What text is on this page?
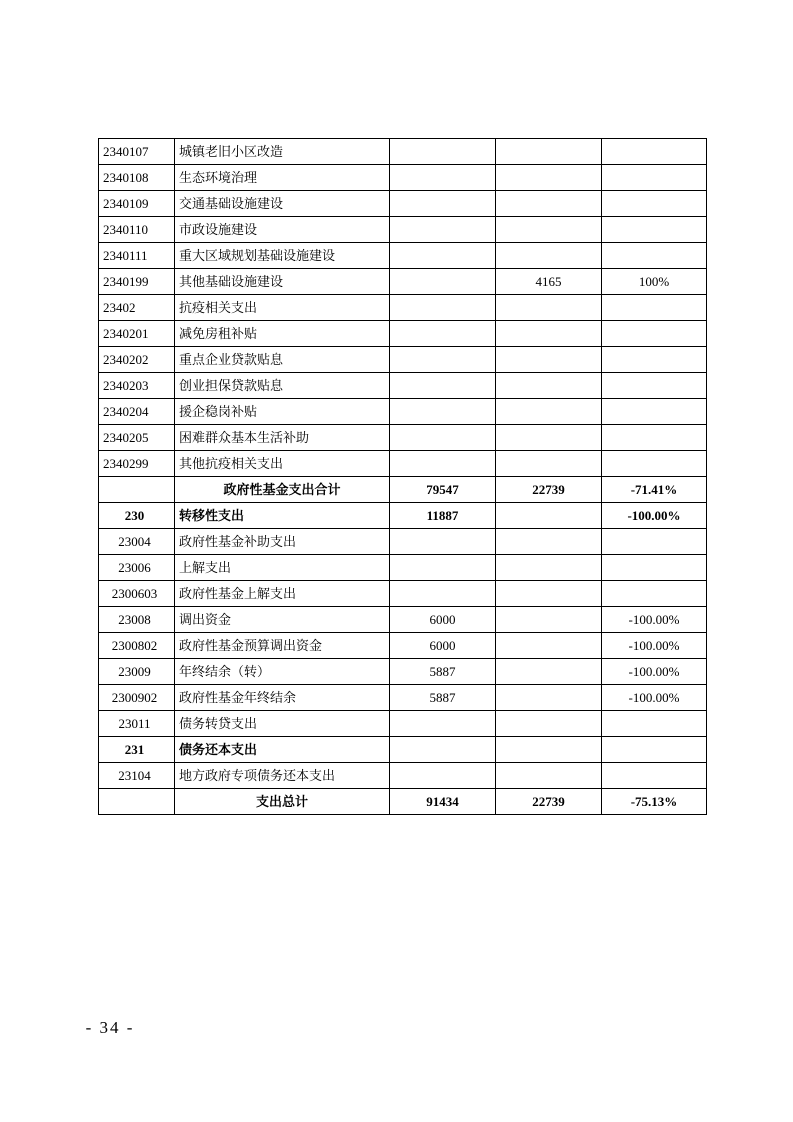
2340107	城镇老旧小区改造			
2340108	生态环境治理			
2340109	交通基础设施建设			
2340110	市政设施建设			
2340111	重大区域规划基础设施建设			
2340199	其他基础设施建设		4165	100%
23402	抗疫相关支出			
2340201	减免房租补贴			
2340202	重点企业贷款贴息			
2340203	创业担保贷款贴息			
2340204	援企稳岗补贴			
2340205	困难群众基本生活补助			
2340299	其他抗疫相关支出			
	政府性基金支出合计	79547	22739	-71.41%
230	转移性支出	11887		-100.00%
23004	政府性基金补助支出			
23006	上解支出			
2300603	政府性基金上解支出			
23008	调出资金	6000		-100.00%
2300802	政府性基金预算调出资金	6000		-100.00%
23009	年终结余（转）	5887		-100.00%
2300902	政府性基金年终结余	5887		-100.00%
23011	债务转贷支出			
231	债务还本支出			
23104	地方政府专项债务还本支出			
	支出总计	91434	22739	-75.13%
- 34 -
